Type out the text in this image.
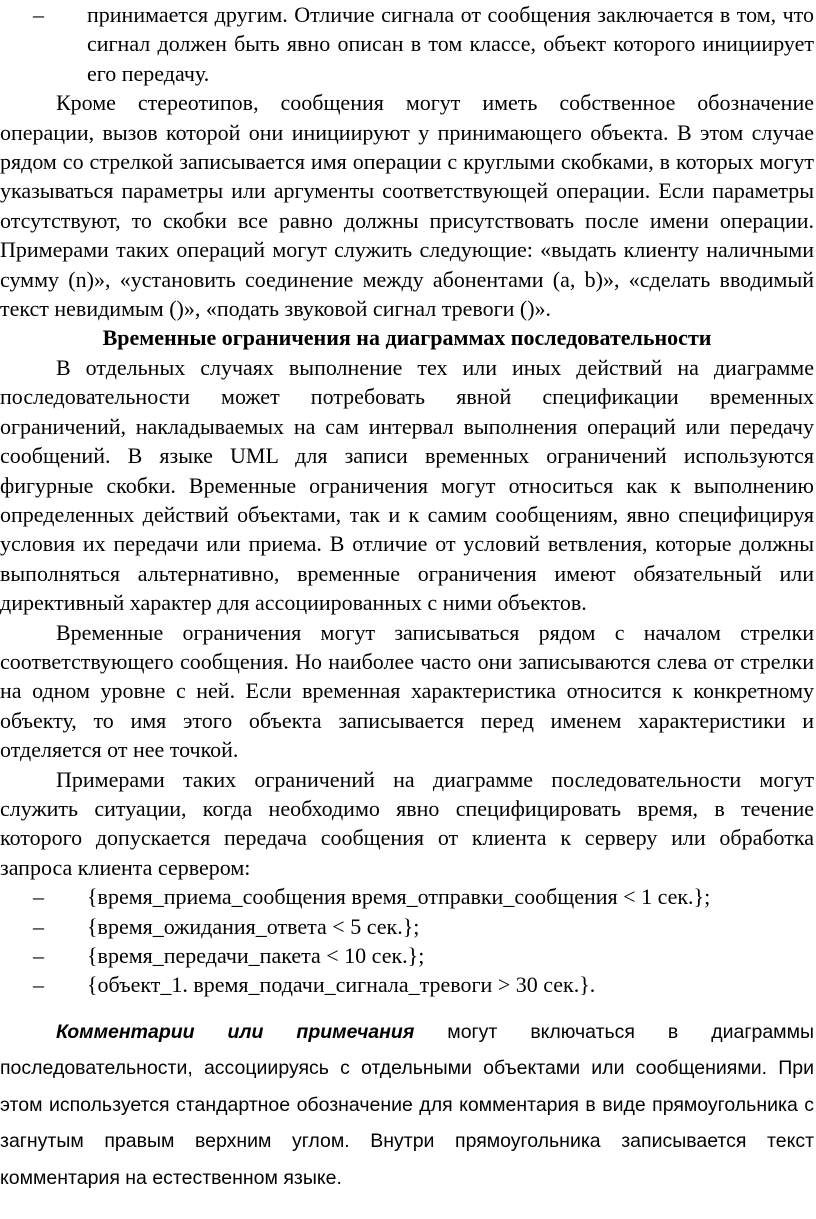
– принимается другим. Отличие сигнала от сообщения заключается в том, что сигнал должен быть явно описан в том классе, объект которого инициирует его передачу.

Кроме стереотипов, сообщения могут иметь собственное обозначение операции, вызов которой они инициируют у принимающего объекта. В этом случае рядом со стрелкой записывается имя операции с круглыми скобками, в которых могут указываться параметры или аргументы соответствующей операции. Если параметры отсутствуют, то скобки все равно должны присутствовать после имени операции. Примерами таких операций могут служить следующие: «выдать клиенту наличными сумму (n)», «установить соединение между абонентами (a, b)», «сделать вводимый текст невидимым ()», «подать звуковой сигнал тревоги ()».

Временные ограничения на диаграммах последовательности

В отдельных случаях выполнение тех или иных действий на диаграмме последовательности может потребовать явной спецификации временных ограничений, накладываемых на сам интервал выполнения операций или передачу сообщений. В языке UML для записи временных ограничений используются фигурные скобки. Временные ограничения могут относиться как к выполнению определенных действий объектами, так и к самим сообщениям, явно специфицируя условия их передачи или приема. В отличие от условий ветвления, которые должны выполняться альтернативно, временные ограничения имеют обязательный или директивный характер для ассоциированных с ними объектов.

Временные ограничения могут записываться рядом с началом стрелки соответствующего сообщения. Но наиболее часто они записываются слева от стрелки на одном уровне с ней. Если временная характеристика относится к конкретному объекту, то имя этого объекта записывается перед именем характеристики и отделяется от нее точкой.

Примерами таких ограничений на диаграмме последовательности могут служить ситуации, когда необходимо явно специфицировать время, в течение которого допускается передача сообщения от клиента к серверу или обработка запроса клиента сервером:

– {время_приема_сообщения время_отправки_сообщения < 1 сек.};
– {время_ожидания_ответа < 5 сек.};
– {время_передачи_пакета < 10 сек.};
– {объект_1. время_подачи_сигнала_тревоги > 30 сек.}.

Комментарии или примечания могут включаться в диаграммы последовательности, ассоциируясь с отдельными объектами или сообщениями. При этом используется стандартное обозначение для комментария в виде прямоугольника с загнутым правым верхним углом. Внутри прямоугольника записывается текст комментария на естественном языке.
